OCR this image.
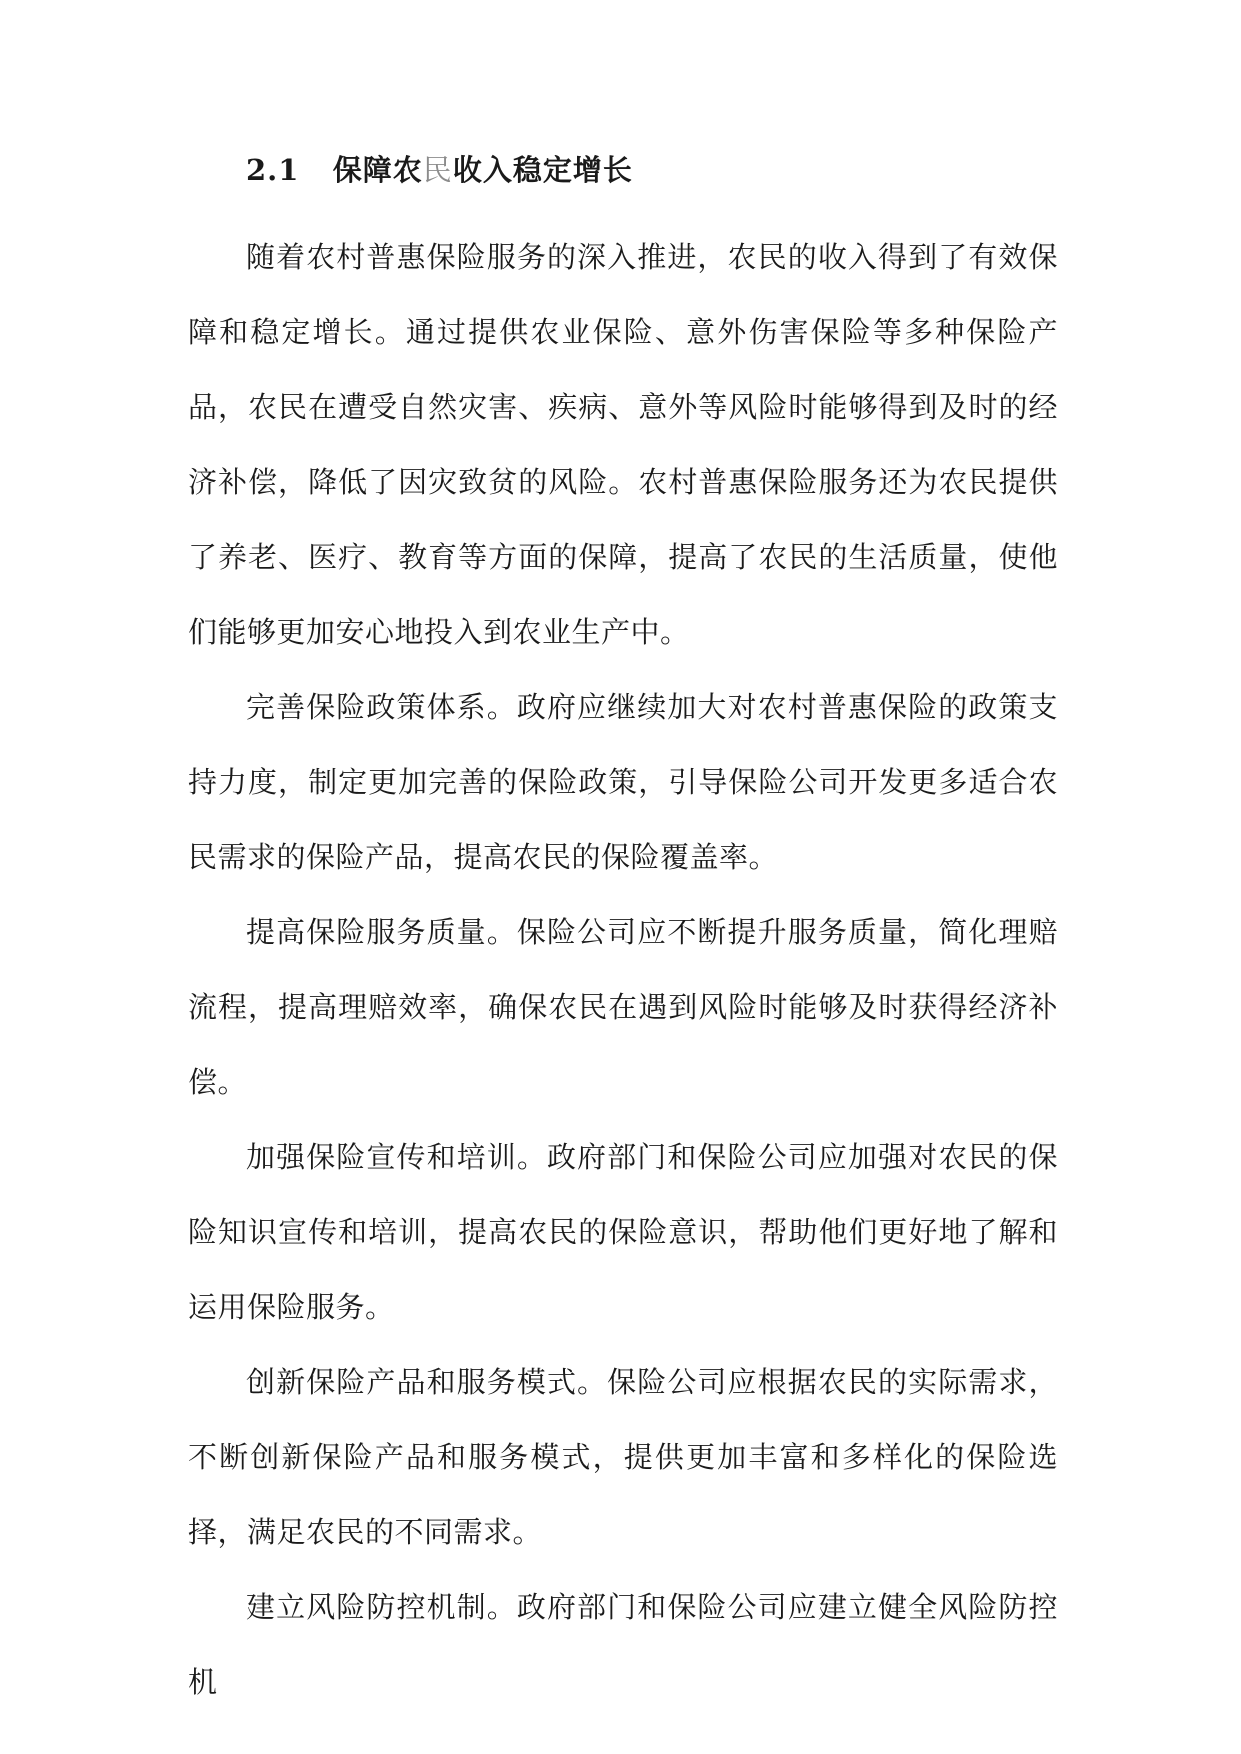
2.1 保障农民收入稳定增长

随着农村普惠保险服务的深入推进，农民的收入得到了有效保障和稳定增长。通过提供农业保险、意外伤害保险等多种保险产品，农民在遭受自然灾害、疾病、意外等风险时能够得到及时的经济补偿，降低了因灾致贫的风险。农村普惠保险服务还为农民提供了养老、医疗、教育等方面的保障，提高了农民的生活质量，使他们能够更加安心地投入到农业生产中。

完善保险政策体系。政府应继续加大对农村普惠保险的政策支持力度，制定更加完善的保险政策，引导保险公司开发更多适合农民需求的保险产品，提高农民的保险覆盖率。

提高保险服务质量。保险公司应不断提升服务质量，简化理赔流程，提高理赔效率，确保农民在遇到风险时能够及时获得经济补偿。

加强保险宣传和培训。政府部门和保险公司应加强对农民的保险知识宣传和培训，提高农民的保险意识，帮助他们更好地了解和运用保险服务。

创新保险产品和服务模式。保险公司应根据农民的实际需求，不断创新保险产品和服务模式，提供更加丰富和多样化的保险选择，满足农民的不同需求。

建立风险防控机制。政府部门和保险公司应建立健全风险防控机
